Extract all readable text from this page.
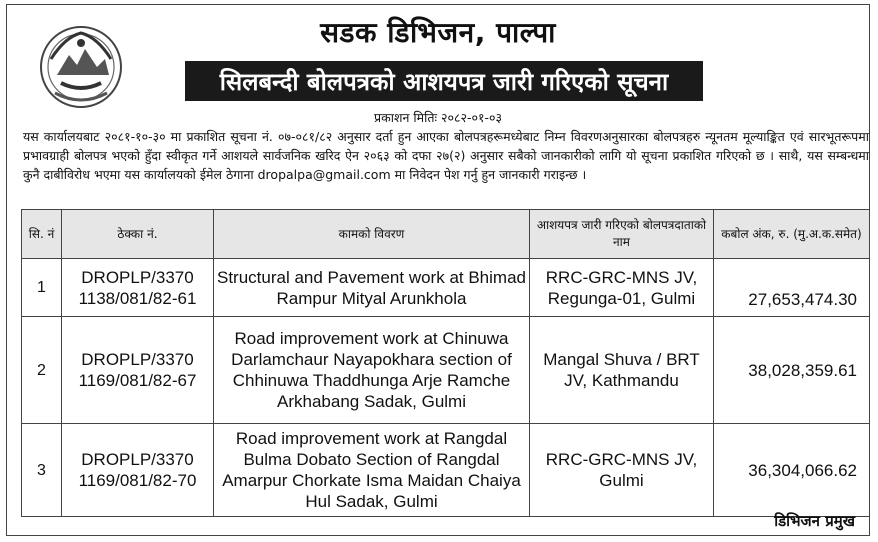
सडक डिभिजन, पाल्पा
सिलबन्दी बोलपत्रको आशयपत्र जारी गरिएको सूचना
प्रकाशन मितिः २०८२-०१-०३
यस कार्यालयबाट २०८१-१०-३० मा प्रकाशित सूचना नं. ०७-०८१/८२ अनुसार दर्ता हुन आएका बोलपत्रहरूमध्येबाट निम्न विवरणअनुसारका बोलपत्रहरु न्यूनतम मूल्याङ्कित एवं सारभूतरूपमा प्रभावग्राही बोलपत्र भएको हुँदा स्वीकृत गर्ने आशयले सार्वजनिक खरिद ऐन २०६३ को दफा २७(२) अनुसार सबैको जानकारीको लागि यो सूचना प्रकाशित गरिएको छ । साथै, यस सम्बन्धमा कुनै दाबीविरोध भएमा यस कार्यालयको ईमेल ठेगाना dropalpa@gmail.com मा निवेदन पेश गर्नु हुन जानकारी गराइन्छ ।
सि. नं	ठेक्का नं.	कामको विवरण	आशयपत्र जारी गरिएको बोलपत्रदाताको नाम	कबोल अंक, रु. (मु.अ.क.समेत)
1	DROPLP/3370 1138/081/82-61	Structural and Pavement work at Bhimad Rampur Mityal Arunkhola	RRC-GRC-MNS JV, Regunga-01, Gulmi	27,653,474.30
2	DROPLP/3370 1169/081/82-67	Road improvement work at Chinuwa Darlamchaur Nayapokhara section of Chhinuwa Thaddhunga Arje Ramche Arkhabang Sadak, Gulmi	Mangal Shuva / BRT JV, Kathmandu	38,028,359.61
3	DROPLP/3370 1169/081/82-70	Road improvement work at Rangdal Bulma Dobato Section of Rangdal Amarpur Chorkate Isma Maidan Chaiya Hul Sadak, Gulmi	RRC-GRC-MNS JV, Gulmi	36,304,066.62
डिभिजन प्रमुख
